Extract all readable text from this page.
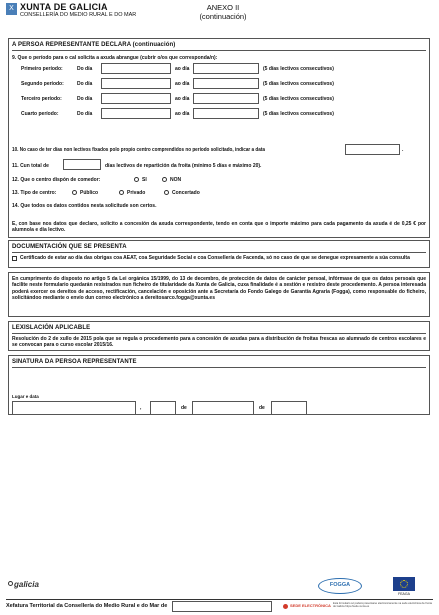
X XUNTA DE GALICIA
CONSELLERÍA DO MEDIO RURAL E DO MAR
ANEXO II
(continuación)
A PERSOA REPRESENTANTE DECLARA (continuación)
9. Que o período para o cal solicita a axuda abrangue (cubrir o/os que corresponda/n):
Primeiro período:	Do día	ao día	(5 días lectivos consecutivos)
Segundo período:	Do día	ao día	(5 días lectivos consecutivos)
Terceiro período:	Do día	ao día	(5 días lectivos consecutivos)
Cuarto período:	Do día	ao día	(5 días lectivos consecutivos)
10. No caso de ter días non lectivos fixados polo propio centro comprendidos no período solicitado, indicar a data	.
11. Cun total de	días lectivos de repartición da froita (mínimo 5 días e máximo 20).
12. Que o centro dispón de comedor:	SI	NON
13. Tipo de centro:	Público	Privado	Concertado
14. Que todos os datos contidos nesta solicitude son certos.
E, con base nos datos que declaro, solicito a concesión da axuda correspondente, tendo en conta que o importe máximo para cada pagamento da axuda é de 0,25 € por alumno/a e día lectivo.
DOCUMENTACIÓN QUE SE PRESENTA
Certificado de estar ao día das obrigas coa AEAT, coa Seguridade Social e coa Consellería de Facenda, só no caso de que se denegue expresamente a súa consulta
En cumprimento do disposto no artigo 5 da Lei orgánica 15/1999, do 13 de decembro, de protección de datos de carácter persoal, infórmase de que os datos persoais que facilite neste formulario quedarán rexistrados nun ficheiro de titularidade da Xunta de Galicia, cuxa finalidade é a xestión e rexistro deste procedemento. A persoa interesada poderá exercer os dereitos de acceso, rectificación, cancelación e oposición ante a Secretaría do Fondo Galego de Garantía Agraria (Fogga), como responsable do ficheiro, solicitándoo mediante o envío dun correo electrónico a dereitosarco.fogga@xunta.es
LEXISLACIÓN APLICABLE
Resolución do 2 de xullo de 2015 pola que se regula o procedemento para a concesión de axudas para a distribución de froitas frescas ao alumnado de centros escolares e se convocan para o curso escolar 2015/16.
SINATURA DA PERSOA REPRESENTANTE
Lugar e data
,	de	de
galicia	FOGGA
FEAGA
Xefatura Territorial da Consellería do Medio Rural e do Mar de	SEDE ELECTRÓNICA Esta formulario só poderá presentarse electronicamente na sede electrónica da Xunta de Galicia https://sede.xunta.es
